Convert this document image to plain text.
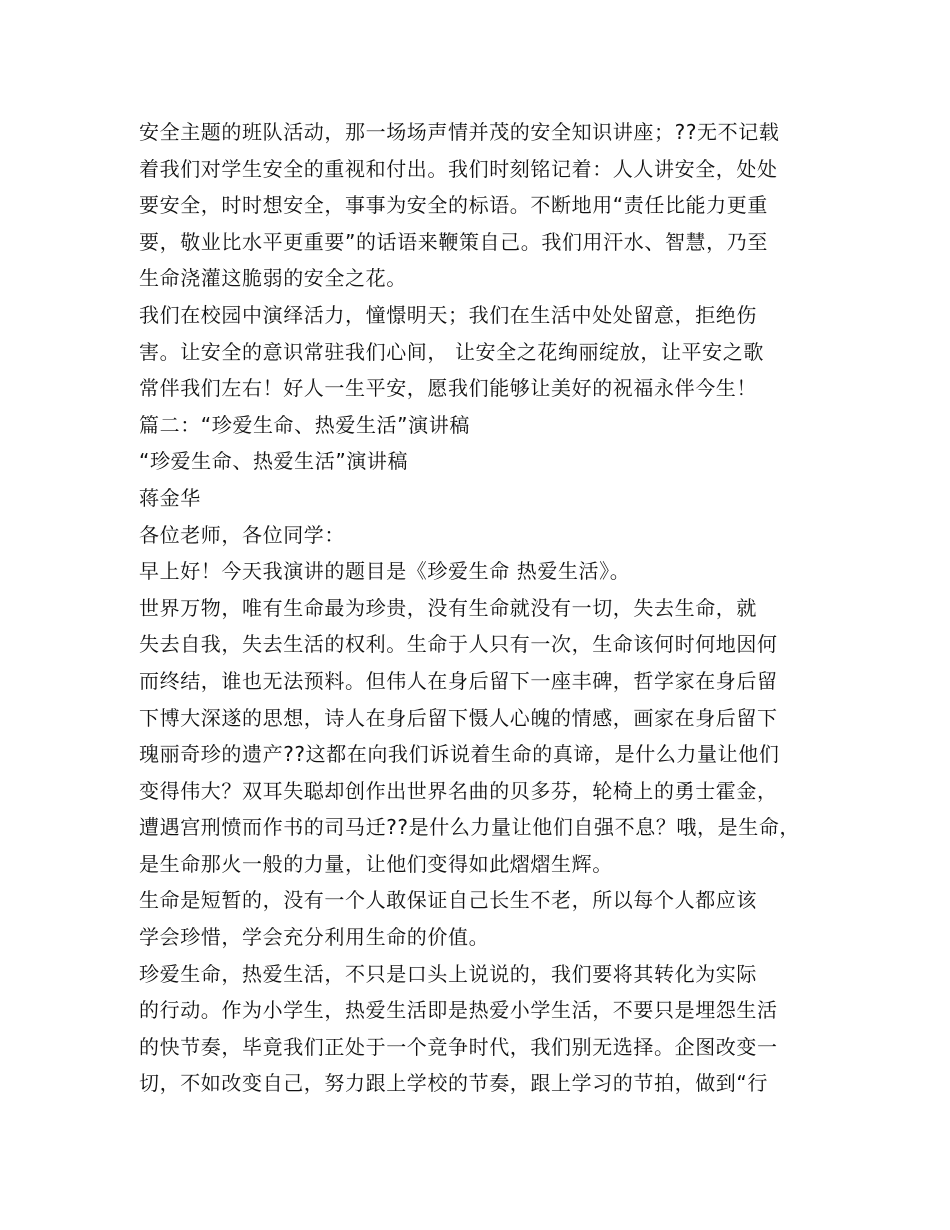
安全主题的班队活动，那一场场声情并茂的安全知识讲座；??无不记载
着我们对学生安全的重视和付出。我们时刻铭记着：人人讲安全，处处
要安全，时时想安全，事事为安全的标语。不断地用“责任比能力更重
要，敬业比水平更重要”的话语来鞭策自己。我们用汗水、智慧，乃至
生命浇灌这脆弱的安全之花。
我们在校园中演绎活力，憧憬明天；我们在生活中处处留意，拒绝伤
害。让安全的意识常驻我们心间， 让安全之花绚丽绽放，让平安之歌
常伴我们左右！好人一生平安，愿我们能够让美好的祝福永伴今生！
篇二：“珍爱生命、热爱生活”演讲稿
“珍爱生命、热爱生活”演讲稿
蒋金华
各位老师，各位同学：
早上好！今天我演讲的题目是《珍爱生命 热爱生活》。
世界万物，唯有生命最为珍贵，没有生命就没有一切，失去生命，就
失去自我，失去生活的权利。生命于人只有一次，生命该何时何地因何
而终结，谁也无法预料。但伟人在身后留下一座丰碑，哲学家在身后留
下博大深遂的思想，诗人在身后留下慑人心魄的情感，画家在身后留下
瑰丽奇珍的遗产??这都在向我们诉说着生命的真谛，是什么力量让他们
变得伟大？双耳失聪却创作出世界名曲的贝多芬，轮椅上的勇士霍金，
遭遇宫刑愤而作书的司马迁??是什么力量让他们自强不息？哦，是生命，
是生命那火一般的力量，让他们变得如此熠熠生辉。
生命是短暂的，没有一个人敢保证自己长生不老，所以每个人都应该
学会珍惜，学会充分利用生命的价值。
珍爱生命，热爱生活，不只是口头上说说的，我们要将其转化为实际
的行动。作为小学生，热爱生活即是热爱小学生活，不要只是埋怨生活
的快节奏，毕竟我们正处于一个竞争时代，我们别无选择。企图改变一
切，不如改变自己，努力跟上学校的节奏，跟上学习的节拍，做到“行
